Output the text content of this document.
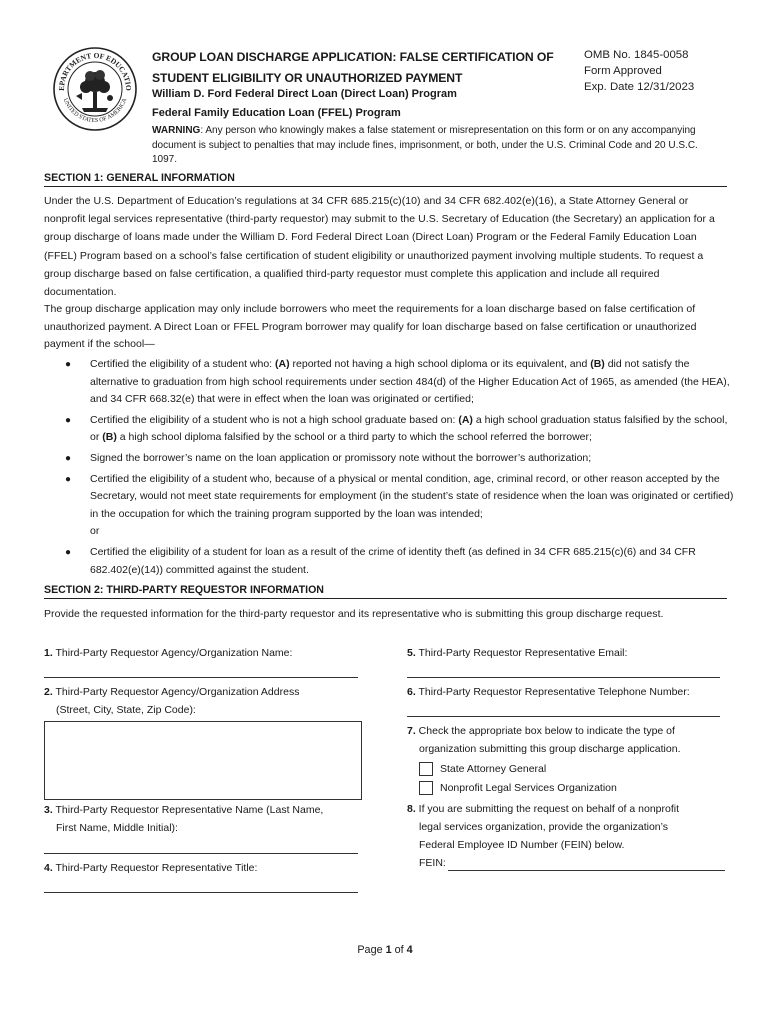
EPARTMENT OF EDUCATIO
UNITED STATES OF AMERICA
GROUP LOAN DISCHARGE APPLICATION: FALSE CERTIFICATION OF
STUDENT ELIGIBILITY OR UNAUTHORIZED PAYMENT
William D. Ford Federal Direct Loan (Direct Loan) Program
Federal Family Education Loan (FFEL) Program
OMB No. 1845-0058
Form Approved
Exp. Date 12/31/2023
WARNING: Any person who knowingly makes a false statement or misrepresentation on this form or on any accompanying document is subject to penalties that may include fines, imprisonment, or both, under the U.S. Criminal Code and 20 U.S.C. 1097.
SECTION 1: GENERAL INFORMATION
Under the U.S. Department of Education’s regulations at 34 CFR 685.215(c)(10) and 34 CFR 682.402(e)(16), a State Attorney General or nonprofit legal services representative (third-party requestor) may submit to the U.S. Secretary of Education (the Secretary) an application for a group discharge of loans made under the William D. Ford Federal Direct Loan (Direct Loan) Program or the Federal Family Education Loan (FFEL) Program based on a school’s false certification of student eligibility or unauthorized payment involving multiple students. To request a group discharge based on false certification, a qualified third-party requestor must complete this application and include all required documentation.
The group discharge application may only include borrowers who meet the requirements for a loan discharge based on false certification of unauthorized payment. A Direct Loan or FFEL Program borrower may qualify for loan discharge based on false certification or unauthorized payment if the school—
● Certified the eligibility of a student who: (A) reported not having a high school diploma or its equivalent, and (B) did not satisfy the alternative to graduation from high school requirements under section 484(d) of the Higher Education Act of 1965, as amended (the HEA), and 34 CFR 668.32(e) that were in effect when the loan was originated or certified;
● Certified the eligibility of a student who is not a high school graduate based on: (A) a high school graduation status falsified by the school, or (B) a high school diploma falsified by the school or a third party to which the school referred the borrower;
● Signed the borrower’s name on the loan application or promissory note without the borrower’s authorization;
● Certified the eligibility of a student who, because of a physical or mental condition, age, criminal record, or other reason accepted by the Secretary, would not meet state requirements for employment (in the student’s state of residence when the loan was originated or certified) in the occupation for which the training program supported by the loan was intended;
or
● Certified the eligibility of a student for loan as a result of the crime of identity theft (as defined in 34 CFR 685.215(c)(6) and 34 CFR 682.402(e)(14)) committed against the student.
SECTION 2: THIRD-PARTY REQUESTOR INFORMATION
Provide the requested information for the third-party requestor and its representative who is submitting this group discharge request.
1. Third-Party Requestor Agency/Organization Name:
2. Third-Party Requestor Agency/Organization Address
(Street, City, State, Zip Code):
3. Third-Party Requestor Representative Name (Last Name,
First Name, Middle Initial):
4. Third-Party Requestor Representative Title:
5. Third-Party Requestor Representative Email:
6. Third-Party Requestor Representative Telephone Number:
7. Check the appropriate box below to indicate the type of
organization submitting this group discharge application.
State Attorney General
Nonprofit Legal Services Organization
8. If you are submitting the request on behalf of a nonprofit
legal services organization, provide the organization’s
Federal Employee ID Number (FEIN) below.
FEIN:
Page 1 of 4
